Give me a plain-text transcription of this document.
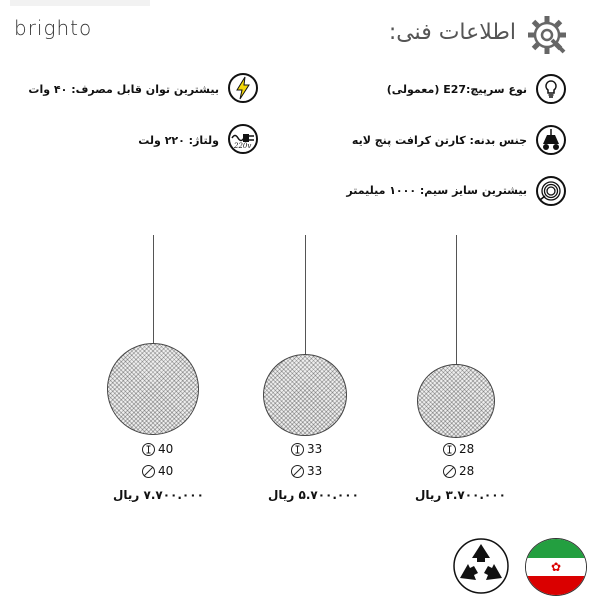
brighto	اطلاعات فنی:
نوع سرپیچ:E27 (معمولی)
جنس بدنه: کارتن کرافت پنج لایه
بیشترین سایز سیم: ۱۰۰۰ میلیمتر
بیشترین توان قابل مصرف: ۴۰ وات
220v
ولتاژ: ۲۲۰ ولت
40
40
۷.۷۰۰.۰۰۰ ریال
33
33
۵.۷۰۰.۰۰۰ ریال
28
28
۳.۷۰۰.۰۰۰ ریال
✿
